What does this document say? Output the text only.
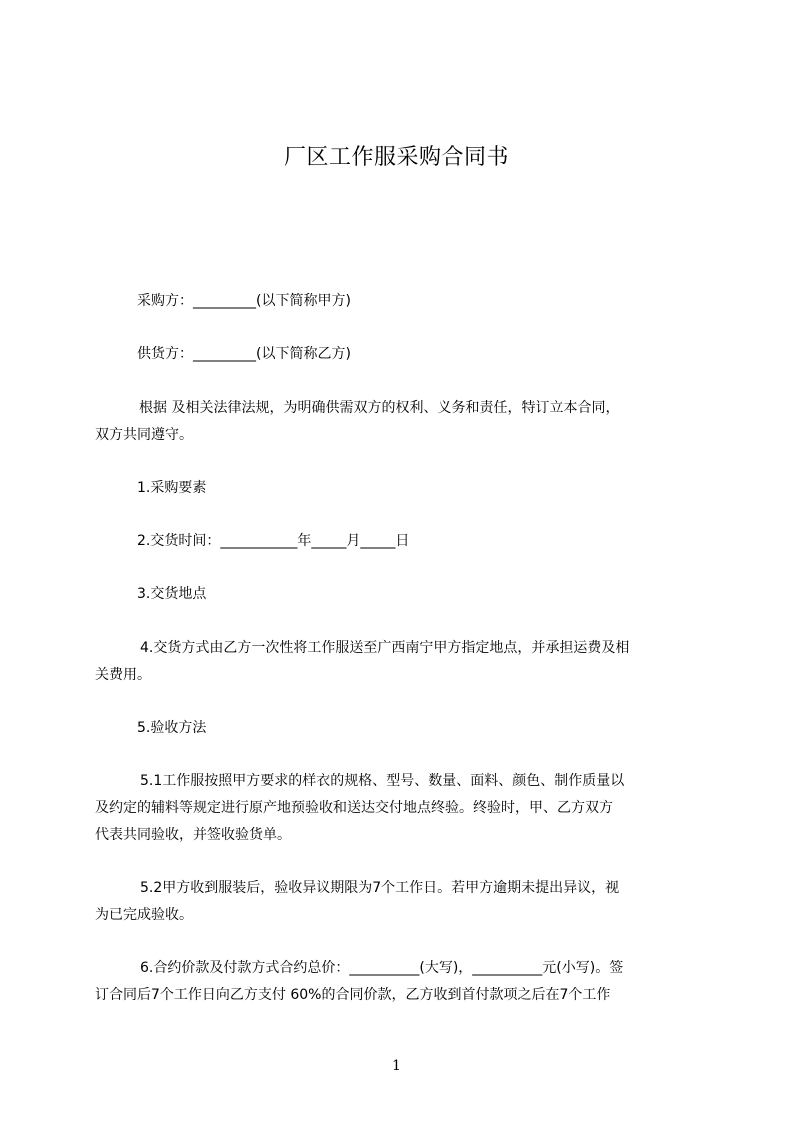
厂区工作服采购合同书
采购方：_________(以下简称甲方)
供货方：_________(以下简称乙方)
根据 及相关法律法规，为明确供需双方的权利、义务和责任，特订立本合同，
双方共同遵守。
1.采购要素
2.交货时间：___________年_____月_____日
3.交货地点
4.交货方式由乙方一次性将工作服送至广西南宁甲方指定地点，并承担运费及相
关费用。
5.验收方法
5.1工作服按照甲方要求的样衣的规格、型号、数量、面料、颜色、制作质量以
及约定的辅料等规定进行原产地预验收和送达交付地点终验。终验时，甲、乙方双方
代表共同验收，并签收验货单。
5.2甲方收到服装后，验收异议期限为7个工作日。若甲方逾期未提出异议，视
为已完成验收。
6.合约价款及付款方式合约总价：__________(大写)，__________元(小写)。签
订合同后7个工作日向乙方支付 60%的合同价款，乙方收到首付款项之后在7个工作
1
